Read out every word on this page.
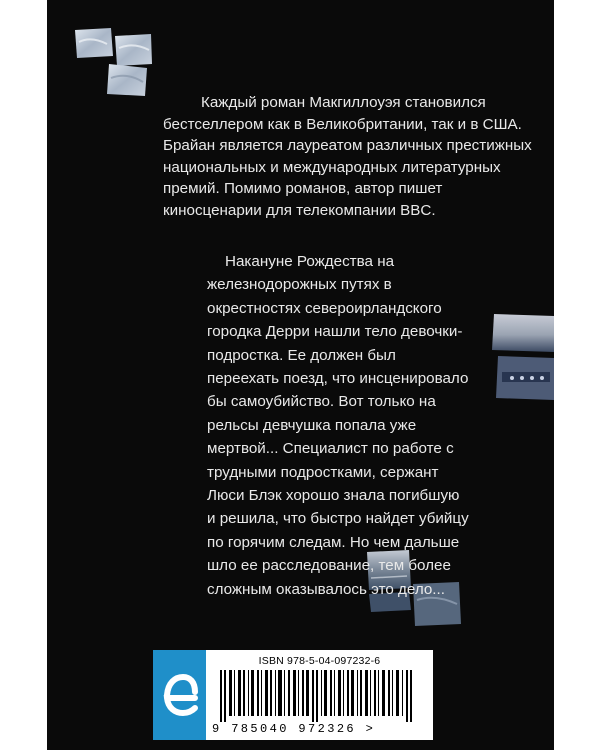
Каждый роман Макгиллоуэя становился бестселлером как в Великобритании, так и в США. Брайан является лауреатом различных престижных национальных и международных литературных премий. Помимо романов, автор пишет киносценарии для телекомпании BBC.

Накануне Рождества на железнодорожных путях в окрестностях североирландского городка Дерри нашли тело девочки-подростка. Ее должен был переехать поезд, что инсценировало бы самоубийство. Вот только на рельсы девчушка попала уже мертвой... Специалист по работе с трудными подростками, сержант Люси Блэк хорошо знала погибшую и решила, что быстро найдет убийцу по горячим следам. Но чем дальше шло ее расследование, тем более сложным оказывалось это дело...

ISBN 978-5-04-097232-6
9 785040 972326 >
